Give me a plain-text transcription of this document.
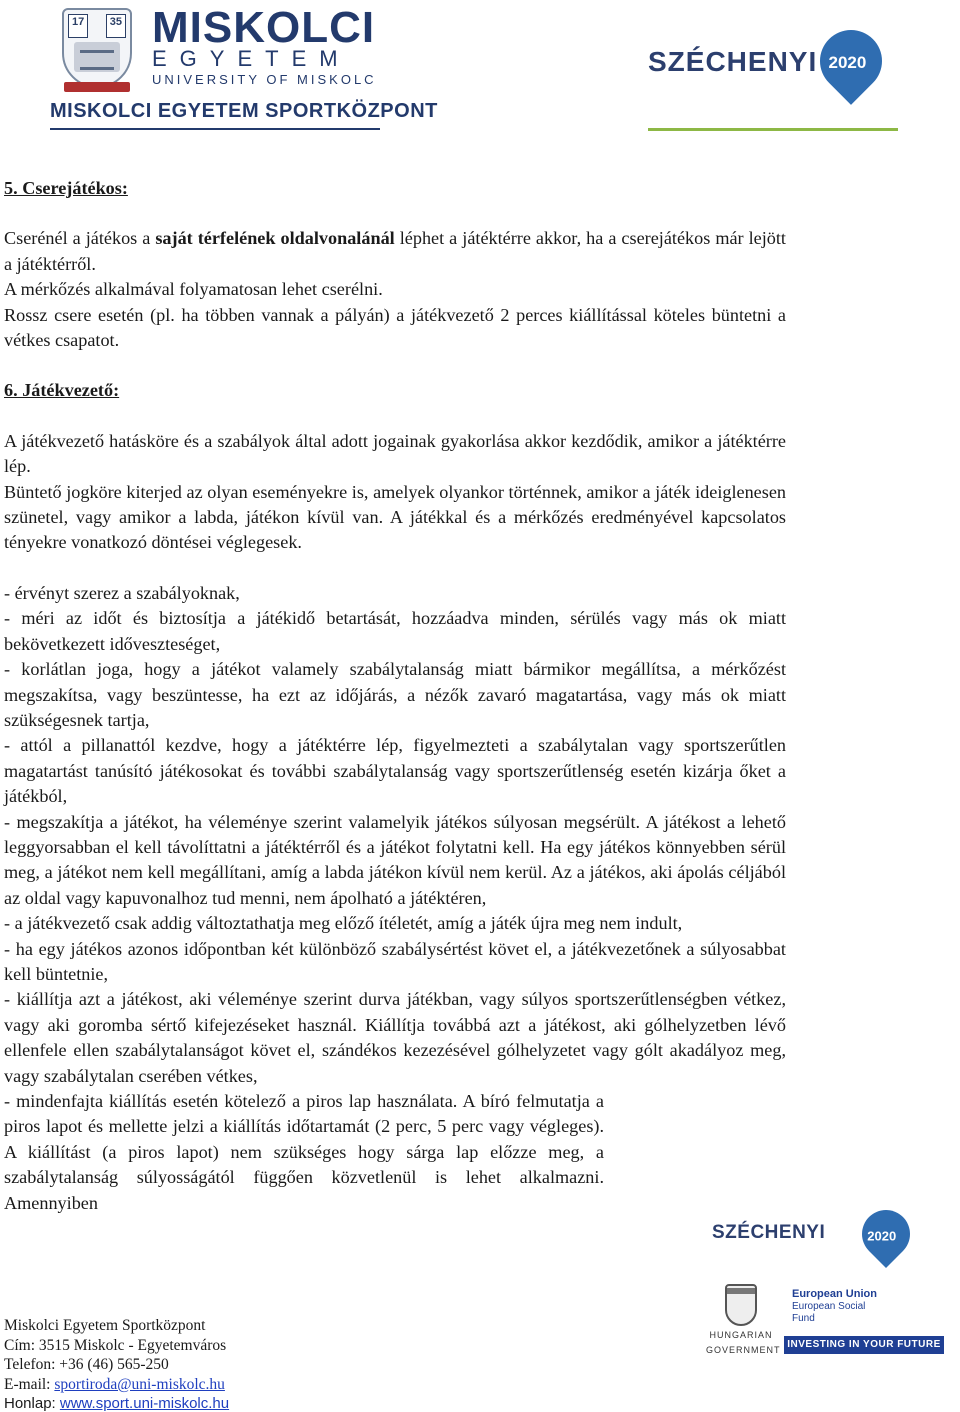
17	35 MISKOLCI
EGYETEM
UNIVERSITY OF MISKOLC
MISKOLCI EGYETEM SPORTKÖZPONT
SZÉCHENYI 2020

5. Cserejátékos:

Cserénél a játékos a saját térfelének oldalvonalánál léphet a játéktérre akkor, ha a cserejátékos már lejött a játéktérről.

A mérkőzés alkalmával folyamatosan lehet cserélni.

Rossz csere esetén (pl. ha többen vannak a pályán) a játékvezető 2 perces kiállítással köteles büntetni a vétkes csapatot.

6. Játékvezető:

A játékvezető hatásköre és a szabályok által adott jogainak gyakorlása akkor kezdődik, amikor a játéktérre lép.

Büntető jogköre kiterjed az olyan eseményekre is, amelyek olyankor történnek, amikor a játék ideiglenesen szünetel, vagy amikor a labda, játékon kívül van. A játékkal és a mérkőzés eredményével kapcsolatos tényekre vonatkozó döntései véglegesek.

- érvényt szerez a szabályoknak,

- méri az időt és biztosítja a játékidő betartását, hozzáadva minden, sérülés vagy más ok miatt bekövetkezett időveszteséget,

- korlátlan joga, hogy a játékot valamely szabálytalanság miatt bármikor megállítsa, a mérkőzést megszakítsa, vagy beszüntesse, ha ezt az időjárás, a nézők zavaró magatartása, vagy más ok miatt szükségesnek tartja,

- attól a pillanattól kezdve, hogy a játéktérre lép, figyelmezteti a szabálytalan vagy sportszerűtlen magatartást tanúsító játékosokat és további szabálytalanság vagy sportszerűtlenség esetén kizárja őket a játékból,

- megszakítja a játékot, ha véleménye szerint valamelyik játékos súlyosan megsérült. A játékost a lehető leggyorsabban el kell távolíttatni a játéktérről és a játékot folytatni kell. Ha egy játékos könnyebben sérül meg, a játékot nem kell megállítani, amíg a labda játékon kívül nem kerül. Az a játékos, aki ápolás céljából az oldal vagy kapuvonalhoz tud menni, nem ápolható a játéktéren,

- a játékvezető csak addig változtathatja meg előző ítéletét, amíg a játék újra meg nem indult,

- ha egy játékos azonos időpontban két különböző szabálysértést követ el, a játékvezetőnek a súlyosabbat kell büntetnie,

- kiállítja azt a játékost, aki véleménye szerint durva játékban, vagy súlyos sportszerűtlenségben vétkez, vagy aki goromba sértő kifejezéseket használ. Kiállítja továbbá azt a játékost, aki gólhelyzetben lévő ellenfele ellen szabálytalanságot követ el, szándékos kezezésével gólhelyzetet vagy gólt akadályoz meg, vagy szabálytalan cserében vétkes,

- mindenfajta kiállítás esetén kötelező a piros lap használata. A bíró felmutatja a piros lapot és mellette jelzi a kiállítás időtartamát (2 perc, 5 perc vagy végleges). A kiállítást (a piros lapot) nem szükséges hogy sárga lap előzze meg, a szabálytalanság súlyosságától függően közvetlenül is lehet alkalmazni. Amennyiben

Miskolci Egyetem Sportközpont
Cím: 3515 Miskolc - Egyetemváros
Telefon: +36 (46) 565-250
E-mail: sportiroda@uni-miskolc.hu
Honlap: www.sport.uni-miskolc.hu
SZÉCHENYI	2020
HUNGARIAN
GOVERNMENT
European Union
European Social
Fund
INVESTING IN YOUR FUTURE
